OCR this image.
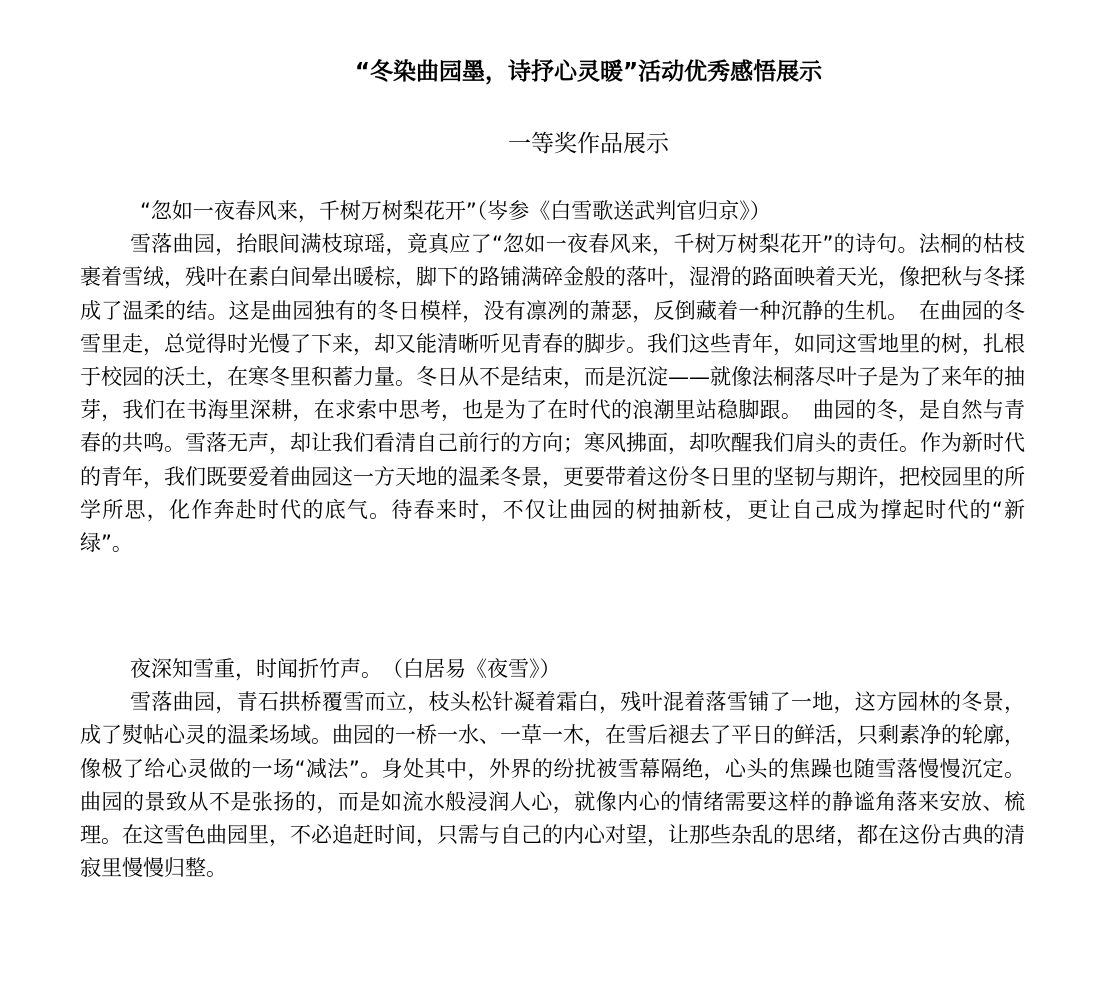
“冬染曲园墨，诗抒心灵暖”活动优秀感悟展示
一等奖作品展示

“忽如一夜春风来，千树万树梨花开”（岑参《白雪歌送武判官归京》）

雪落曲园，抬眼间满枝琼瑶，竟真应了“忽如一夜春风来，千树万树梨花开”的诗句。法桐的枯枝裹着雪绒，残叶在素白间晕出暖棕，脚下的路铺满碎金般的落叶，湿滑的路面映着天光，像把秋与冬揉成了温柔的结。这是曲园独有的冬日模样，没有凛冽的萧瑟，反倒藏着一种沉静的生机。　在曲园的冬雪里走，总觉得时光慢了下来，却又能清晰听见青春的脚步。我们这些青年，如同这雪地里的树，扎根于校园的沃土，在寒冬里积蓄力量。冬日从不是结束，而是沉淀——就像法桐落尽叶子是为了来年的抽芽，我们在书海里深耕，在求索中思考，也是为了在时代的浪潮里站稳脚跟。　曲园的冬，是自然与青春的共鸣。雪落无声，却让我们看清自己前行的方向；寒风拂面，却吹醒我们肩头的责任。作为新时代的青年，我们既要爱着曲园这一方天地的温柔冬景，更要带着这份冬日里的坚韧与期许，把校园里的所学所思，化作奔赴时代的底气。待春来时，不仅让曲园的树抽新枝，更让自己成为撑起时代的“新绿”。

夜深知雪重，时闻折竹声。　（白居易《夜雪》）

雪落曲园，青石拱桥覆雪而立，枝头松针凝着霜白，残叶混着落雪铺了一地，这方园林的冬景，成了熨帖心灵的温柔场域。曲园的一桥一水、一草一木，在雪后褪去了平日的鲜活，只剩素净的轮廓，像极了给心灵做的一场“减法”。身处其中，外界的纷扰被雪幕隔绝，心头的焦躁也随雪落慢慢沉定。曲园的景致从不是张扬的，而是如流水般浸润人心，就像内心的情绪需要这样的静谧角落来安放、梳理。在这雪色曲园里，不必追赶时间，只需与自己的内心对望，让那些杂乱的思绪，都在这份古典的清寂里慢慢归整。
